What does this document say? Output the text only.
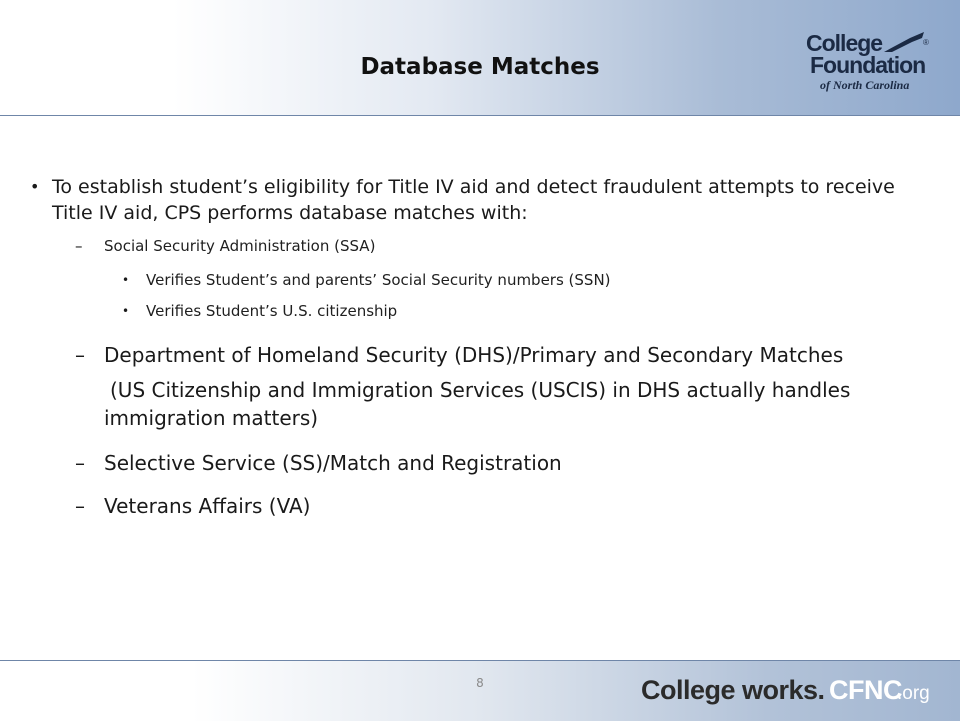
Database Matches
College	®
Foundation
of North Carolina
• To establish student’s eligibility for Title IV aid and detect fraudulent attempts to receive Title IV aid, CPS performs database matches with:
– Social Security Administration (SSA)
• Verifies Student’s and parents’ Social Security numbers (SSN)
• Verifies Student’s U.S. citizenship
– Department of Homeland Security (DHS)/Primary and Secondary Matches
(US Citizenship and Immigration Services (USCIS) in DHS actually handles immigration matters)
– Selective Service (SS)/Match and Registration
– Veterans Affairs (VA)
8	College works. CFNC
.org
